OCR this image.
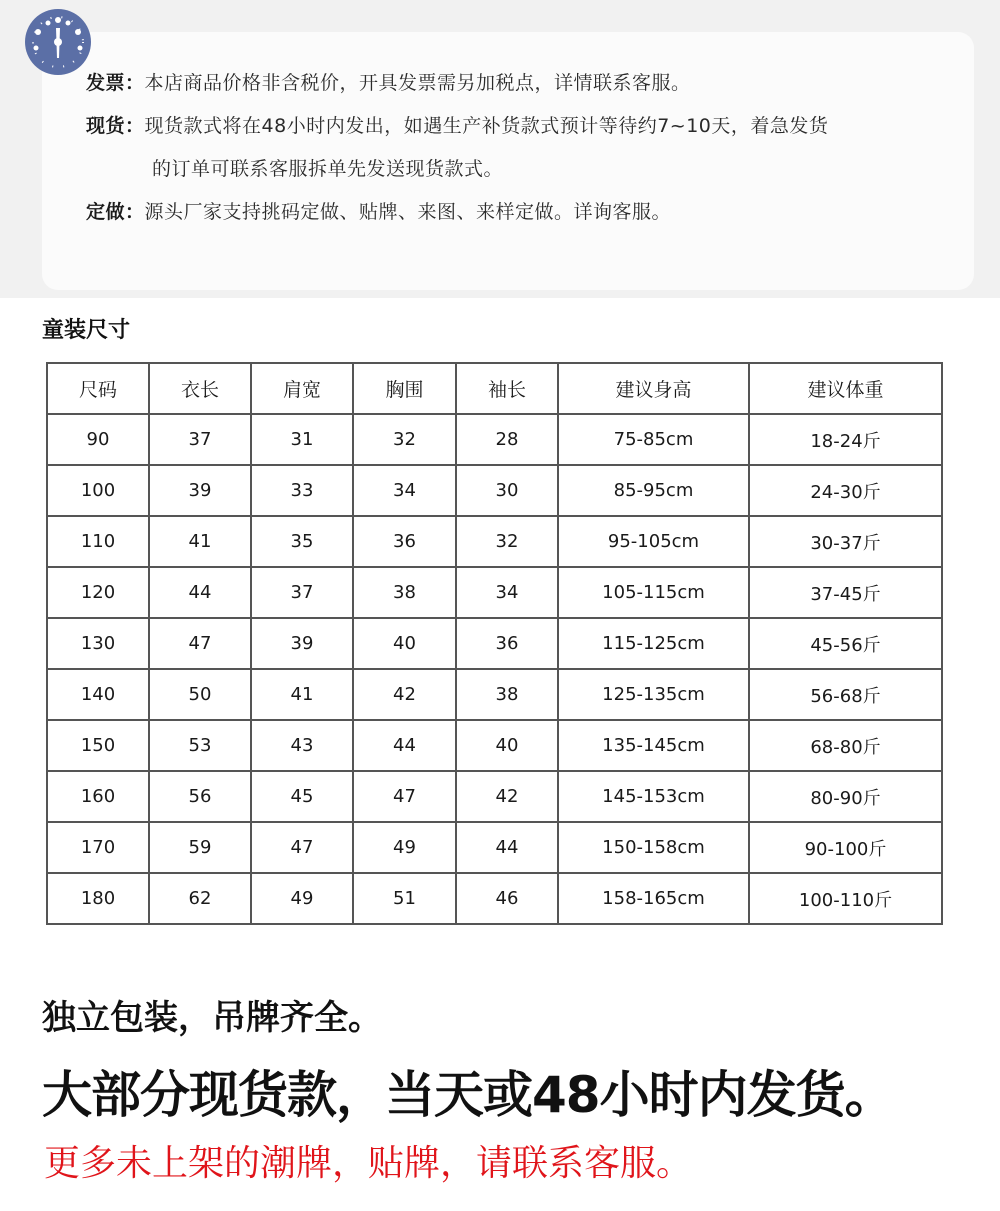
发票：本店商品价格非含税价，开具发票需另加税点，详情联系客服。
现货：现货款式将在48小时内发出，如遇生产补货款式预计等待约7~10天，着急发货
的订单可联系客服拆单先发送现货款式。
定做：源头厂家支持挑码定做、贴牌、来图、来样定做。详询客服。
童装尺寸
尺码	衣长	肩宽	胸围	袖长	建议身高	建议体重
90	37	31	32	28	75-85cm	18-24斤
100	39	33	34	30	85-95cm	24-30斤
110	41	35	36	32	95-105cm	30-37斤
120	44	37	38	34	105-115cm	37-45斤
130	47	39	40	36	115-125cm	45-56斤
140	50	41	42	38	125-135cm	56-68斤
150	53	43	44	40	135-145cm	68-80斤
160	56	45	47	42	145-153cm	80-90斤
170	59	47	49	44	150-158cm	90-100斤
180	62	49	51	46	158-165cm	100-110斤
独立包装，吊牌齐全。
大部分现货款，当天或48小时内发货。
更多未上架的潮牌，贴牌，请联系客服。
